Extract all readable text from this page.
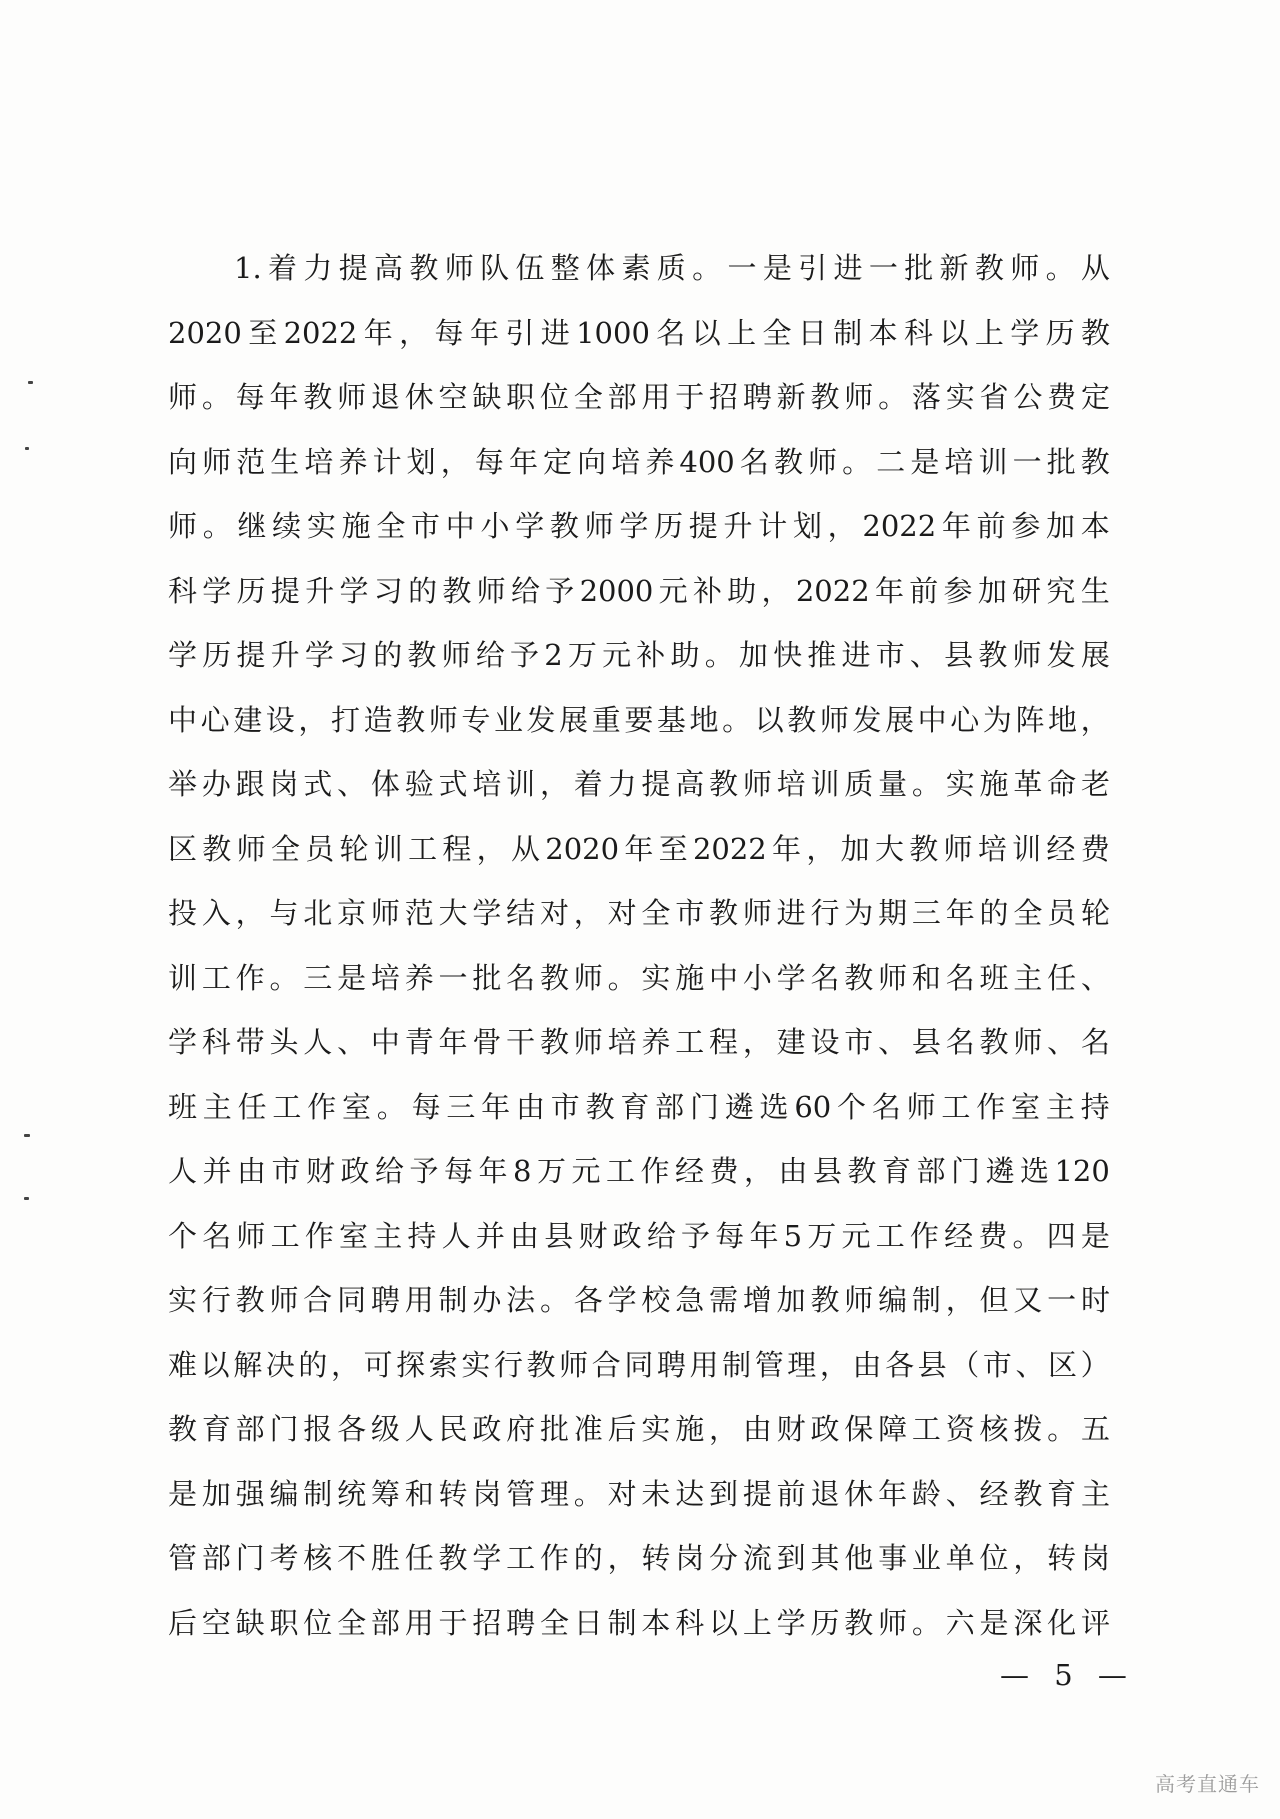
1. 着 力 提 高 教 师 队 伍 整 体 素 质 。 一 是 引 进 一 批 新 教 师 。 从
2020 至 2022 年 ， 每 年 引 进 1000 名 以 上 全 日 制 本 科 以 上 学 历 教
师 。 每 年 教 师 退 休 空 缺 职 位 全 部 用 于 招 聘 新 教 师 。 落 实 省 公 费 定
向 师 范 生 培 养 计 划 ， 每 年 定 向 培 养 400 名 教 师 。 二 是 培 训 一 批 教
师 。 继 续 实 施 全 市 中 小 学 教 师 学 历 提 升 计 划 ， 2022 年 前 参 加 本
科 学 历 提 升 学 习 的 教 师 给 予 2000 元 补 助 ， 2022 年 前 参 加 研 究 生
学 历 提 升 学 习 的 教 师 给 予 2 万 元 补 助 。 加 快 推 进 市 、 县 教 师 发 展
中 心 建 设 ， 打 造 教 师 专 业 发 展 重 要 基 地 。 以 教 师 发 展 中 心 为 阵 地 ，
举 办 跟 岗 式 、 体 验 式 培 训 ， 着 力 提 高 教 师 培 训 质 量 。 实 施 革 命 老
区 教 师 全 员 轮 训 工 程 ， 从 2020 年 至 2022 年 ， 加 大 教 师 培 训 经 费
投 入 ， 与 北 京 师 范 大 学 结 对 ， 对 全 市 教 师 进 行 为 期 三 年 的 全 员 轮
训 工 作 。 三 是 培 养 一 批 名 教 师 。 实 施 中 小 学 名 教 师 和 名 班 主 任 、
学 科 带 头 人 、 中 青 年 骨 干 教 师 培 养 工 程 ， 建 设 市 、 县 名 教 师 、 名
班 主 任 工 作 室 。 每 三 年 由 市 教 育 部 门 遴 选 60 个 名 师 工 作 室 主 持
人 并 由 市 财 政 给 予 每 年 8 万 元 工 作 经 费 ， 由 县 教 育 部 门 遴 选 120
个 名 师 工 作 室 主 持 人 并 由 县 财 政 给 予 每 年 5 万 元 工 作 经 费 。 四 是
实 行 教 师 合 同 聘 用 制 办 法 。 各 学 校 急 需 增 加 教 师 编 制 ， 但 又 一 时
难 以 解 决 的 ， 可 探 索 实 行 教 师 合 同 聘 用 制 管 理 ， 由 各 县 （ 市 、 区 ）
教 育 部 门 报 各 级 人 民 政 府 批 准 后 实 施 ， 由 财 政 保 障 工 资 核 拨 。 五
是 加 强 编 制 统 筹 和 转 岗 管 理 。 对 未 达 到 提 前 退 休 年 龄 、 经 教 育 主
管 部 门 考 核 不 胜 任 教 学 工 作 的 ， 转 岗 分 流 到 其 他 事 业 单 位 ， 转 岗
后 空 缺 职 位 全 部 用 于 招 聘 全 日 制 本 科 以 上 学 历 教 师 。 六 是 深 化 评
— 5 —
高考直通车
